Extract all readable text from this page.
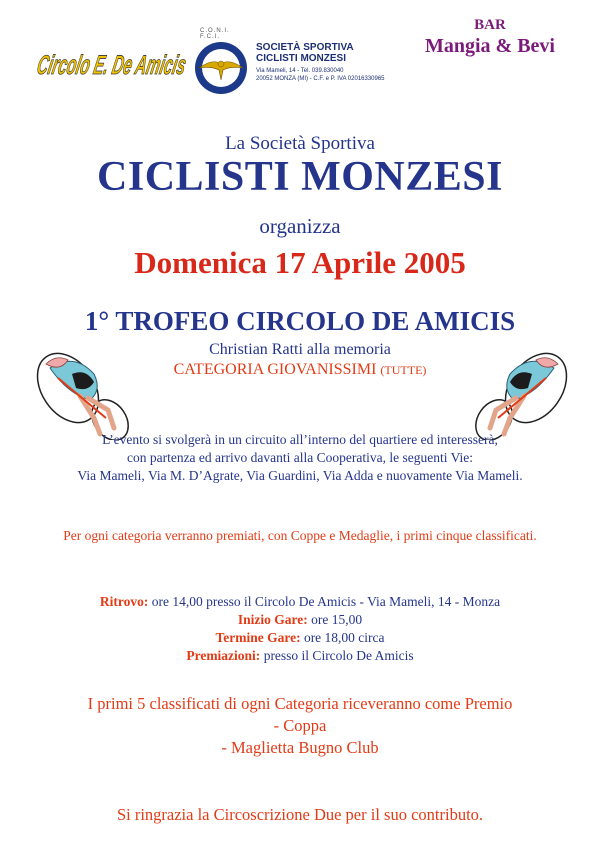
Circolo E. De
C.O.N.I. F.C.I.
SOCIETÀ SPORTIVA
CICLISTI MONZESI
Via Mameli, 14 - Tel. 039.830040
20052 MONZA (MI) - C.F. e P. IVA 02016330965
BAR
Mangia & Bevi
La Società Sportiva
CICLISTI MONZESI
organizza
Domenica 17 Aprile 2005
1° TROFEO CIRCOLO DE AMICIS
Christian Ratti alla memoria
CATEGORIA GIOVANISSIMI (TUTTE)
L’evento si svolgerà in un circuito all’interno del quartiere ed interesserà,
con partenza ed arrivo davanti alla Cooperativa, le seguenti Vie:
Via Mameli, Via M. D’Agrate, Via Guardini, Via Adda e nuovamente Via Mameli.
Per ogni categoria verranno premiati, con Coppe e Medaglie, i primi cinque classificati.
Ritrovo: ore 14,00 presso il Circolo De Amicis - Via Mameli, 14 - Monza
Inizio Gare: ore 15,00
Termine Gare: ore 18,00 circa
Premiazioni: presso il Circolo De Amicis
I primi 5 classificati di ogni Categoria riceveranno come Premio
- Coppa
- Maglietta Bugno Club
Si ringrazia la Circoscrizione Due per il suo contributo.
